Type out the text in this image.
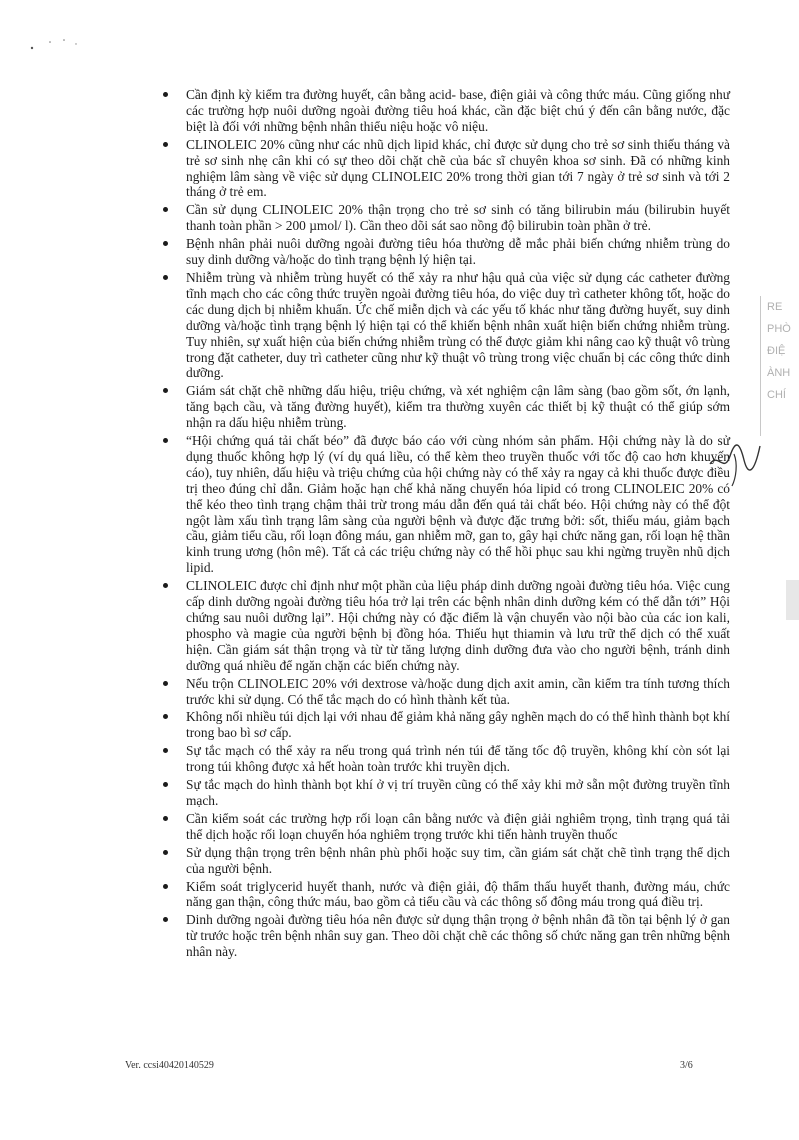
Cần định kỳ kiểm tra đường huyết, cân bằng acid- base, điện giải và công thức máu. Cũng giống như các trường hợp nuôi dưỡng ngoài đường tiêu hoá khác, cần đặc biệt chú ý đến cân bằng nước, đặc biệt là đối với những bệnh nhân thiểu niệu hoặc vô niệu.
CLINOLEIC 20% cũng như các nhũ dịch lipid khác, chỉ được sử dụng cho trẻ sơ sinh thiếu tháng và trẻ sơ sinh nhẹ cân khi có sự theo dõi chặt chẽ của bác sĩ chuyên khoa sơ sinh. Đã có những kinh nghiệm lâm sàng về việc sử dụng CLINOLEIC 20% trong thời gian tới 7 ngày ở trẻ sơ sinh và tới 2 tháng ở trẻ em.
Cần sử dụng CLINOLEIC 20% thận trọng cho trẻ sơ sinh có tăng bilirubin máu (bilirubin huyết thanh toàn phần > 200 µmol/ l). Cần theo dõi sát sao nồng độ bilirubin toàn phần ở trẻ.
Bệnh nhân phải nuôi dưỡng ngoài đường tiêu hóa thường dễ mắc phải biến chứng nhiễm trùng do suy dinh dưỡng và/hoặc do tình trạng bệnh lý hiện tại.
Nhiễm trùng và nhiễm trùng huyết có thể xảy ra như hậu quả của việc sử dụng các catheter đường tĩnh mạch cho các công thức truyền ngoài đường tiêu hóa, do việc duy trì catheter không tốt, hoặc do các dung dịch bị nhiễm khuẩn. Ức chế miễn dịch và các yếu tố khác như tăng đường huyết, suy dinh dưỡng và/hoặc tình trạng bệnh lý hiện tại có thể khiến bệnh nhân xuất hiện biến chứng nhiễm trùng. Tuy nhiên, sự xuất hiện của biến chứng nhiễm trùng có thể được giảm khi nâng cao kỹ thuật vô trùng trong đặt catheter, duy trì catheter cũng như kỹ thuật vô trùng trong việc chuẩn bị các công thức dinh dưỡng.
Giám sát chặt chẽ những dấu hiệu, triệu chứng, và xét nghiệm cận lâm sàng (bao gồm sốt, ớn lạnh, tăng bạch cầu, và tăng đường huyết), kiểm tra thường xuyên các thiết bị kỹ thuật có thể giúp sớm nhận ra dấu hiệu nhiễm trùng.
“Hội chứng quá tải chất béo” đã được báo cáo với cùng nhóm sản phẩm. Hội chứng này là do sử dụng thuốc không hợp lý (ví dụ quá liều, có thể kèm theo truyền thuốc với tốc độ cao hơn khuyến cáo), tuy nhiên, dấu hiệu và triệu chứng của hội chứng này có thể xảy ra ngay cả khi thuốc được điều trị theo đúng chỉ dẫn. Giảm hoặc hạn chế khả năng chuyển hóa lipid có trong CLINOLEIC 20% có thể kéo theo tình trạng chậm thải trừ trong máu dẫn đến quá tải chất béo. Hội chứng này có thể đột ngột làm xấu tình trạng lâm sàng của người bệnh và được đặc trưng bởi: sốt, thiếu máu, giảm bạch cầu, giảm tiểu cầu, rối loạn đông máu, gan nhiễm mỡ, gan to, gây hại chức năng gan, rối loạn hệ thần kinh trung ương (hôn mê). Tất cả các triệu chứng này có thể hồi phục sau khi ngừng truyền nhũ dịch lipid.
CLINOLEIC được chỉ định như một phần của liệu pháp dinh dưỡng ngoài đường tiêu hóa. Việc cung cấp dinh dưỡng ngoài đường tiêu hóa trở lại trên các bệnh nhân dinh dưỡng kém có thể dẫn tới” Hội chứng sau nuôi dưỡng lại”. Hội chứng này có đặc điểm là vận chuyển vào nội bào của các ion kali, phospho và magie của người bệnh bị đồng hóa. Thiếu hụt thiamin và lưu trữ thể dịch có thể xuất hiện. Cần giám sát thận trọng và từ từ tăng lượng dinh dưỡng đưa vào cho người bệnh, tránh dinh dưỡng quá nhiều để ngăn chặn các biến chứng này.
Nếu trộn CLINOLEIC 20% với dextrose và/hoặc dung dịch axit amin, cần kiểm tra tính tương thích trước khi sử dụng. Có thể tắc mạch do có hình thành kết tủa.
Không nối nhiều túi dịch lại với nhau để giảm khả năng gây nghẽn mạch do có thể hình thành bọt khí trong bao bì sơ cấp.
Sự tắc mạch có thể xảy ra nếu trong quá trình nén túi để tăng tốc độ truyền, không khí còn sót lại trong túi không được xả hết hoàn toàn trước khi truyền dịch.
Sự tắc mạch do hình thành bọt khí ở vị trí truyền cũng có thể xảy khi mở sẵn một đường truyền tĩnh mạch.
Cần kiểm soát các trường hợp rối loạn cân bằng nước và điện giải nghiêm trọng, tình trạng quá tải thể dịch hoặc rối loạn chuyển hóa nghiêm trọng trước khi tiến hành truyền thuốc
Sử dụng thận trọng trên bệnh nhân phù phổi hoặc suy tim, cần giám sát chặt chẽ tình trạng thể dịch của người bệnh.
Kiểm soát triglycerid huyết thanh, nước và điện giải, độ thẩm thấu huyết thanh, đường máu, chức năng gan thận, công thức máu, bao gồm cả tiểu cầu và các thông số đông máu trong quá điều trị.
Dinh dưỡng ngoài đường tiêu hóa nên được sử dụng thận trọng ở bệnh nhân đã tồn tại bệnh lý ở gan từ trước hoặc trên bệnh nhân suy gan. Theo dõi chặt chẽ các thông số chức năng gan trên những bệnh nhân này.
RE
PHÒ
ĐIỆ
ÀNH
CHÍ
Ver. ccsi40420140529	3/6
